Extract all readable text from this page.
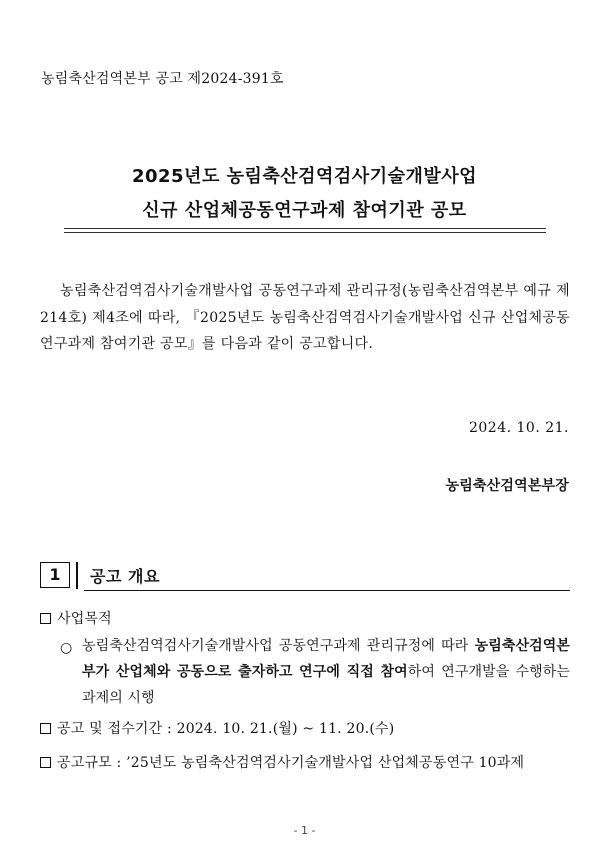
농림축산검역본부 공고 제2024-391호
2025년도 농림축산검역검사기술개발사업
신규 산업체공동연구과제 참여기관 공모
농림축산검역검사기술개발사업 공동연구과제 관리규정(농림축산검역본부 예규 제214호) 제4조에 따라, 『2025년도 농림축산검역검사기술개발사업 신규 산업체공동연구과제 참여기관 공모』를 다음과 같이 공고합니다.
2024. 10. 21.
농림축산검역본부장
1	공고 개요
사업목적
○ 농림축산검역검사기술개발사업 공동연구과제 관리규정에 따라 농림축산검역본부가 산업체와 공동으로 출자하고 연구에 직접 참여하여 연구개발을 수행하는 과제의 시행
공고 및 접수기간 : 2024. 10. 21.(월) ~ 11. 20.(수)
공고규모 : ’25년도 농림축산검역검사기술개발사업 산업체공동연구 10과제
- 1 -
